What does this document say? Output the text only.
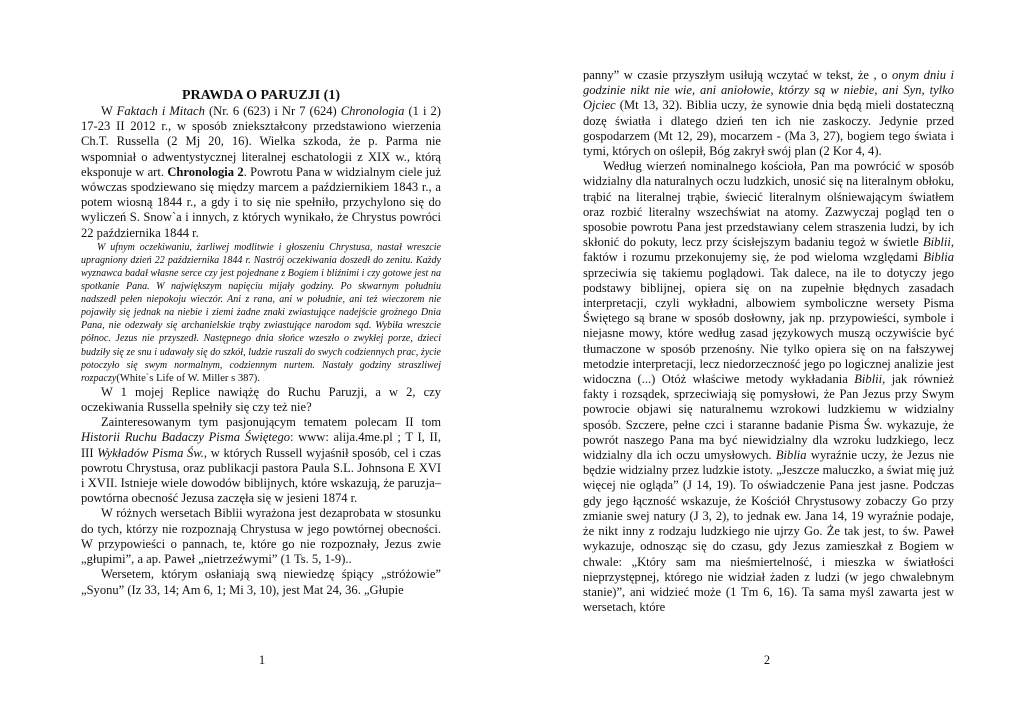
PRAWDA O PARUZJI (1)

W Faktach i Mitach (Nr. 6 (623) i Nr 7 (624) Chronologia (1 i 2) 17-23 II 2012 r., w sposób zniekształcony przedstawiono wierzenia Ch.T. Russella (2 Mj 20, 16). Wielka szkoda, że p. Parma nie wspomniał o adwentystycznej literalnej eschatologii z XIX w., którą eksponuje w art. Chronologia 2. Powrotu Pana w widzialnym ciele już wówczas spodziewano się między marcem a październikiem 1843 r., a potem wiosną 1844 r., a gdy i to się nie spełniło, przychylono się do wyliczeń S. Snow`a i innych, z których wynikało, że Chrystus powróci 22 października 1844 r.

W ufnym oczekiwaniu, żarliwej modlitwie i głoszeniu Chrystusa, nastał wreszcie upragniony dzień 22 października 1844 r. Nastrój oczekiwania doszedł do zenitu. Każdy wyznawca badał własne serce czy jest pojednane z Bogiem i bliźnimi i czy gotowe jest na spotkanie Pana. W największym napięciu mijały godziny. Po skwarnym południu nadszedł pełen niepokoju wieczór. Ani z rana, ani w południe, ani też wieczorem nie pojawiły się jednak na niebie i ziemi żadne znaki zwiastujące nadejście groźnego Dnia Pana, nie odezwały się archanielskie trąby zwiastujące narodom sąd. Wybiła wreszcie północ. Jezus nie przyszedł. Następnego dnia słońce wzeszło o zwykłej porze, dzieci budziły się ze snu i udawały się do szkół, ludzie ruszali do swych codziennych prac, życie potoczyło się swym normalnym, codziennym nurtem. Nastały godziny straszliwej rozpaczy(White`s Life of W. Miller s 387).

W 1 mojej Replice nawiążę do Ruchu Paruzji, a w 2, czy oczekiwania Russella spełniły się czy też nie?

Zainteresowanym tym pasjonującym tematem polecam II tom Historii Ruchu Badaczy Pisma Świętego: www: alija.4me.pl ; T I, II, III Wykładów Pisma Św., w których Russell wyjaśnił sposób, cel i czas powrotu Chrystusa, oraz publikacji pastora Paula S.L. Johnsona E XVI i XVII. Istnieje wiele dowodów biblijnych, które wskazują, że paruzja– powtórna obecność Jezusa zaczęła się w jesieni 1874 r.

W różnych wersetach Biblii wyrażona jest dezaprobata w stosunku do tych, którzy nie rozpoznają Chrystusa w jego powtórnej obecności. W przypowieści o pannach, te, które go nie rozpoznały, Jezus zwie „głupimi”, a ap. Paweł „nietrzeźwymi” (1 Ts. 5, 1-9)..

Wersetem, którym osłaniają swą niewiedzę śpiący „stróżowie” „Syonu” (Iz 33, 14; Am 6, 1; Mi 3, 10), jest Mat 24, 36. „Głupie

1

panny” w czasie przyszłym usiłują wczytać w tekst, że , o onym dniu i godzinie nikt nie wie, ani aniołowie, którzy są w niebie, ani Syn, tylko Ojciec (Mt 13, 32). Biblia uczy, że synowie dnia będą mieli dostateczną dozę światła i dlatego dzień ten ich nie zaskoczy. Jedynie przed gospodarzem (Mt 12, 29), mocarzem - (Ma 3, 27), bogiem tego świata i tymi, których on oślepił, Bóg zakrył swój plan (2 Kor 4, 4).

Według wierzeń nominalnego kościoła, Pan ma powrócić w sposób widzialny dla naturalnych oczu ludzkich, unosić się na literalnym obłoku, trąbić na literalnej trąbie, świecić literalnym olśniewającym światłem oraz rozbić literalny wszechświat na atomy. Zazwyczaj pogląd ten o sposobie powrotu Pana jest przedstawiany celem straszenia ludzi, by ich skłonić do pokuty, lecz przy ścisłejszym badaniu tegoż w świetle Biblii, faktów i rozumu przekonujemy się, że pod wieloma względami Biblia sprzeciwia się takiemu poglądowi. Tak dalece, na ile to dotyczy jego podstawy biblijnej, opiera się on na zupełnie błędnych zasadach interpretacji, czyli wykładni, albowiem symboliczne wersety Pisma Świętego są brane w sposób dosłowny, jak np. przypowieści, symbole i niejasne mowy, które według zasad językowych muszą oczywiście być tłumaczone w sposób przenośny. Nie tylko opiera się on na fałszywej metodzie interpretacji, lecz niedorzeczność jego po logicznej analizie jest widoczna (...) Otóż właściwe metody wykładania Biblii, jak również fakty i rozsądek, sprzeciwiają się pomysłowi, że Pan Jezus przy Swym powrocie objawi się naturalnemu wzrokowi ludzkiemu w widzialny sposób. Szczere, pełne czci i staranne badanie Pisma Św. wykazuje, że powrót naszego Pana ma być niewidzialny dla wzroku ludzkiego, lecz widzialny dla ich oczu umysłowych. Biblia wyraźnie uczy, że Jezus nie będzie widzialny przez ludzkie istoty. „Jeszcze maluczko, a świat mię już więcej nie ogląda” (J 14, 19). To oświadczenie Pana jest jasne. Podczas gdy jego łączność wskazuje, że Kościół Chrystusowy zobaczy Go przy zmianie swej natury (J 3, 2), to jednak ew. Jana 14, 19 wyraźnie podaje, że nikt inny z rodzaju ludzkiego nie ujrzy Go. Że tak jest, to św. Paweł wykazuje, odnosząc się do czasu, gdy Jezus zamieszkał z Bogiem w chwale: „Który sam ma nieśmiertelność, i mieszka w światłości nieprzystępnej, którego nie widział żaden z ludzi (w jego chwalebnym stanie)”, ani widzieć może (1 Tm 6, 16). Ta sama myśl zawarta jest w wersetach, które

2
